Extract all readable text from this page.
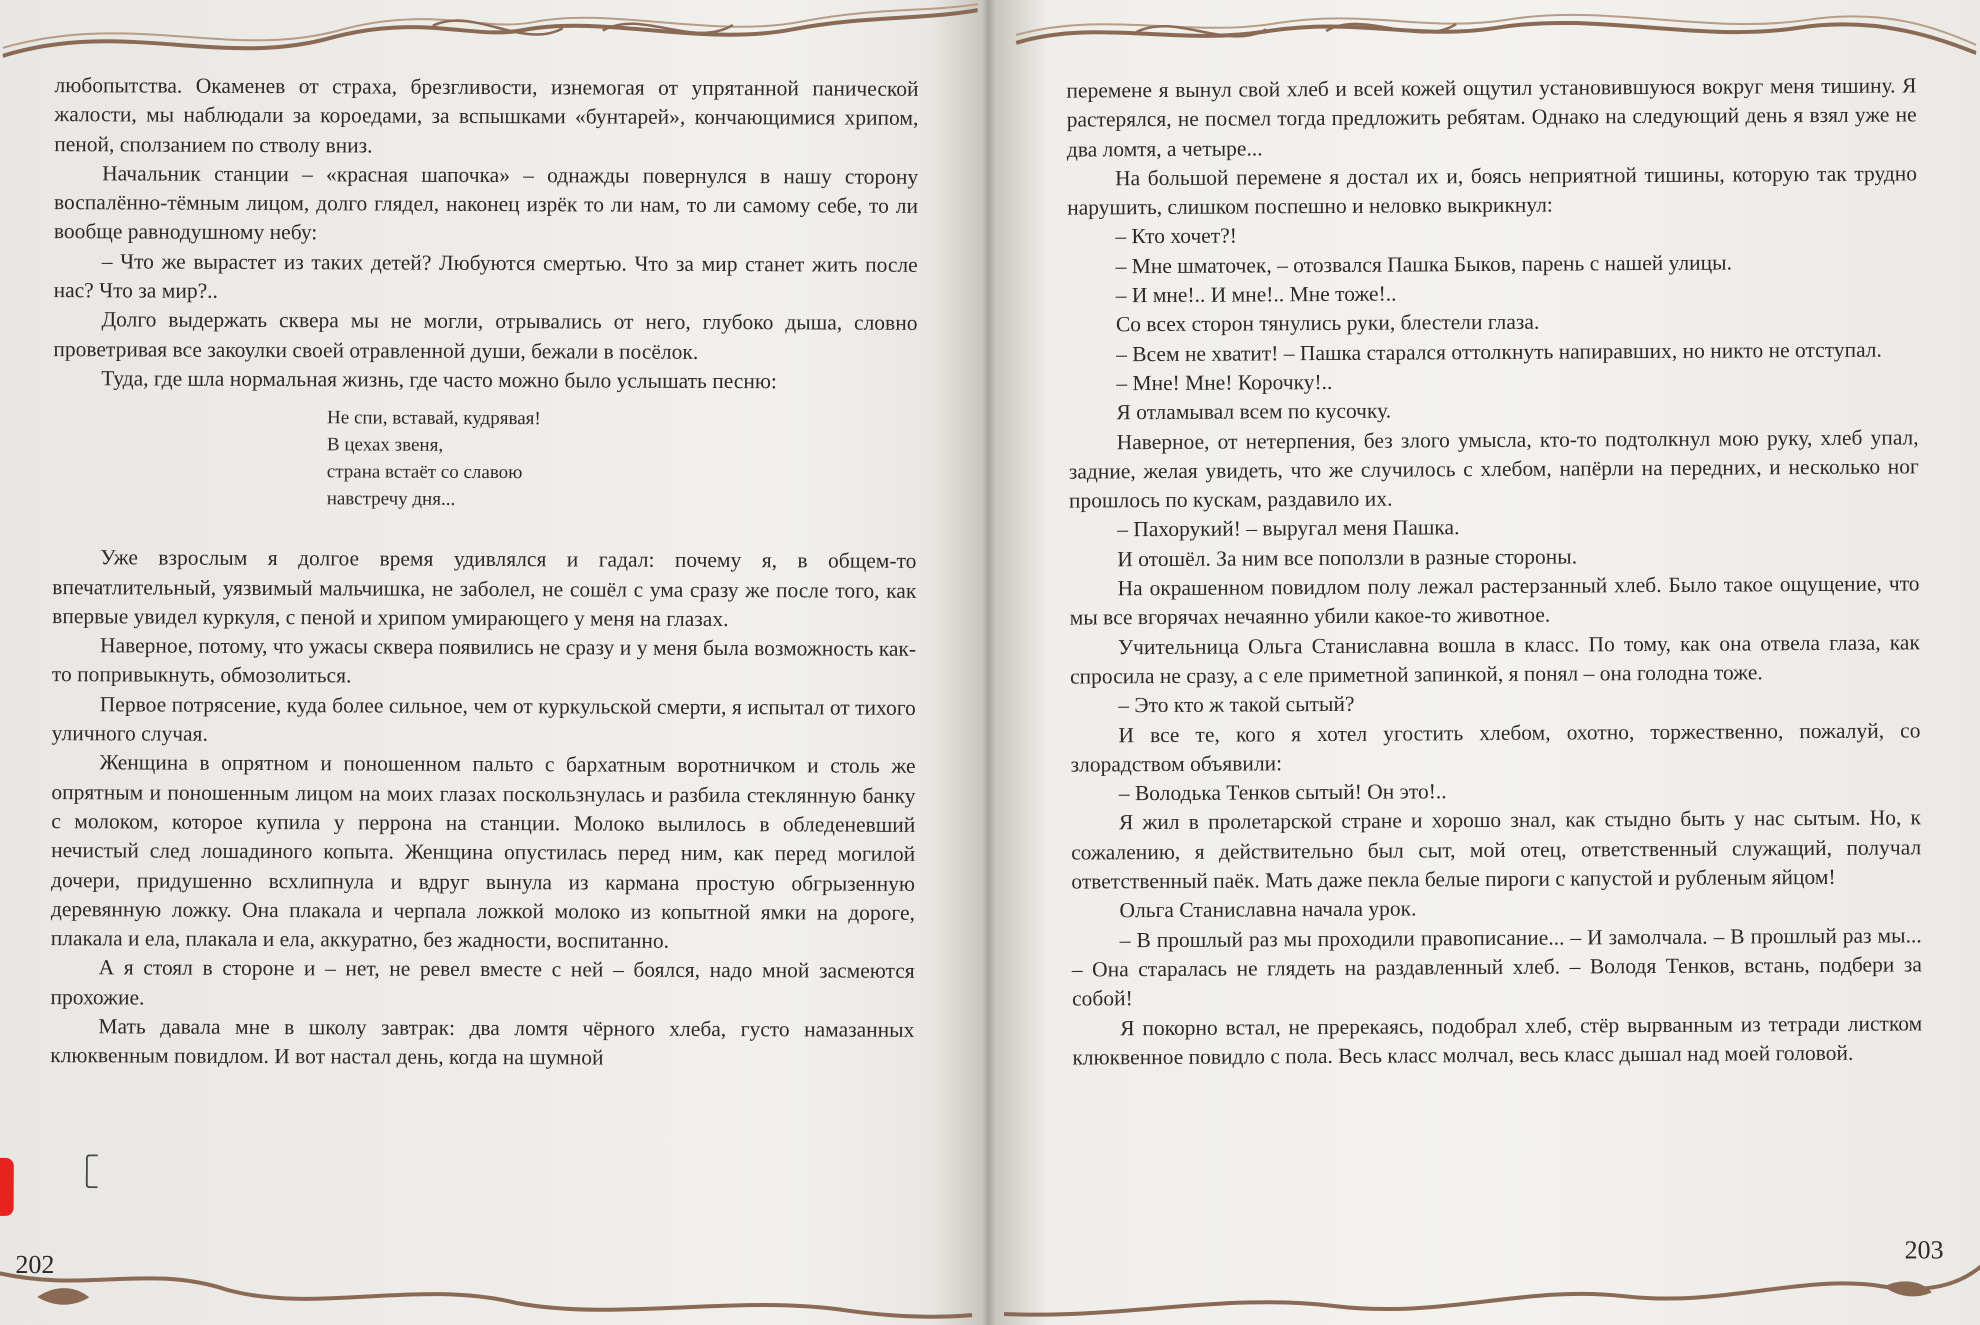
любопытства. Окаменев от страха, брезгливости, изнемогая от упрятанной панической жалости, мы наблюдали за короедами, за вспышками «бунтарей», кончающимися хрипом, пеной, сползанием по стволу вниз.

Начальник станции – «красная шапочка» – однажды повернулся в нашу сторону воспалённо-тёмным лицом, долго глядел, наконец изрёк то ли нам, то ли самому себе, то ли вообще равнодушному небу:

– Что же вырастет из таких детей? Любуются смертью. Что за мир станет жить после нас? Что за мир?..

Долго выдержать сквера мы не могли, отрывались от него, глубоко дыша, словно проветривая все закоулки своей отравленной души, бежали в посёлок.

Туда, где шла нормальная жизнь, где часто можно было услышать песню:

Не спи, вставай, кудрявая!
В цехах звеня,
страна встаёт со славою
навстречу дня...

Уже взрослым я долгое время удивлялся и гадал: почему я, в общем-то впечатлительный, уязвимый мальчишка, не заболел, не сошёл с ума сразу же после того, как впервые увидел куркуля, с пеной и хрипом умирающего у меня на глазах.

Наверное, потому, что ужасы сквера появились не сразу и у меня была возможность как-то попривыкнуть, обмозолиться.

Первое потрясение, куда более сильное, чем от куркульской смерти, я испытал от тихого уличного случая.

Женщина в опрятном и поношенном пальто с бархатным воротничком и столь же опрятным и поношенным лицом на моих глазах поскользнулась и разбила стеклянную банку с молоком, которое купила у перрона на станции. Молоко вылилось в обледеневший нечистый след лошадиного копыта. Женщина опустилась перед ним, как перед могилой дочери, придушенно всхлипнула и вдруг вынула из кармана простую обгрызенную деревянную ложку. Она плакала и черпала ложкой молоко из копытной ямки на дороге, плакала и ела, плакала и ела, аккуратно, без жадности, воспитанно.

А я стоял в стороне и – нет, не ревел вместе с ней – боялся, надо мной засмеются прохожие.

Мать давала мне в школу завтрак: два ломтя чёрного хлеба, густо намазанных клюквенным повидлом. И вот настал день, когда на шумной

202

перемене я вынул свой хлеб и всей кожей ощутил установившуюся вокруг меня тишину. Я растерялся, не посмел тогда предложить ребятам. Однако на следующий день я взял уже не два ломтя, а четыре...

На большой перемене я достал их и, боясь неприятной тишины, которую так трудно нарушить, слишком поспешно и неловко выкрикнул:

– Кто хочет?!

– Мне шматочек, – отозвался Пашка Быков, парень с нашей улицы.

– И мне!.. И мне!.. Мне тоже!..

Со всех сторон тянулись руки, блестели глаза.

– Всем не хватит! – Пашка старался оттолкнуть напиравших, но никто не отступал.

– Мне! Мне! Корочку!..

Я отламывал всем по кусочку.

Наверное, от нетерпения, без злого умысла, кто-то подтолкнул мою руку, хлеб упал, задние, желая увидеть, что же случилось с хлебом, напёрли на передних, и несколько ног прошлось по кускам, раздавило их.

– Пахорукий! – выругал меня Пашка.

И отошёл. За ним все поползли в разные стороны.

На окрашенном повидлом полу лежал растерзанный хлеб. Было такое ощущение, что мы все вгорячах нечаянно убили какое-то животное.

Учительница Ольга Станиславна вошла в класс. По тому, как она отвела глаза, как спросила не сразу, а с еле приметной запинкой, я понял – она голодна тоже.

– Это кто ж такой сытый?

И все те, кого я хотел угостить хлебом, охотно, торжественно, пожалуй, со злорадством объявили:

– Володька Тенков сытый! Он это!..

Я жил в пролетарской стране и хорошо знал, как стыдно быть у нас сытым. Но, к сожалению, я действительно был сыт, мой отец, ответственный служащий, получал ответственный паёк. Мать даже пекла белые пироги с капустой и рубленым яйцом!

Ольга Станиславна начала урок.

– В прошлый раз мы проходили правописание... – И замолчала. – В прошлый раз мы... – Она старалась не глядеть на раздавленный хлеб. – Володя Тенков, встань, подбери за собой!

Я покорно встал, не пререкаясь, подобрал хлеб, стёр вырванным из тетради листком клюквенное повидло с пола. Весь класс молчал, весь класс дышал над моей головой.

203
